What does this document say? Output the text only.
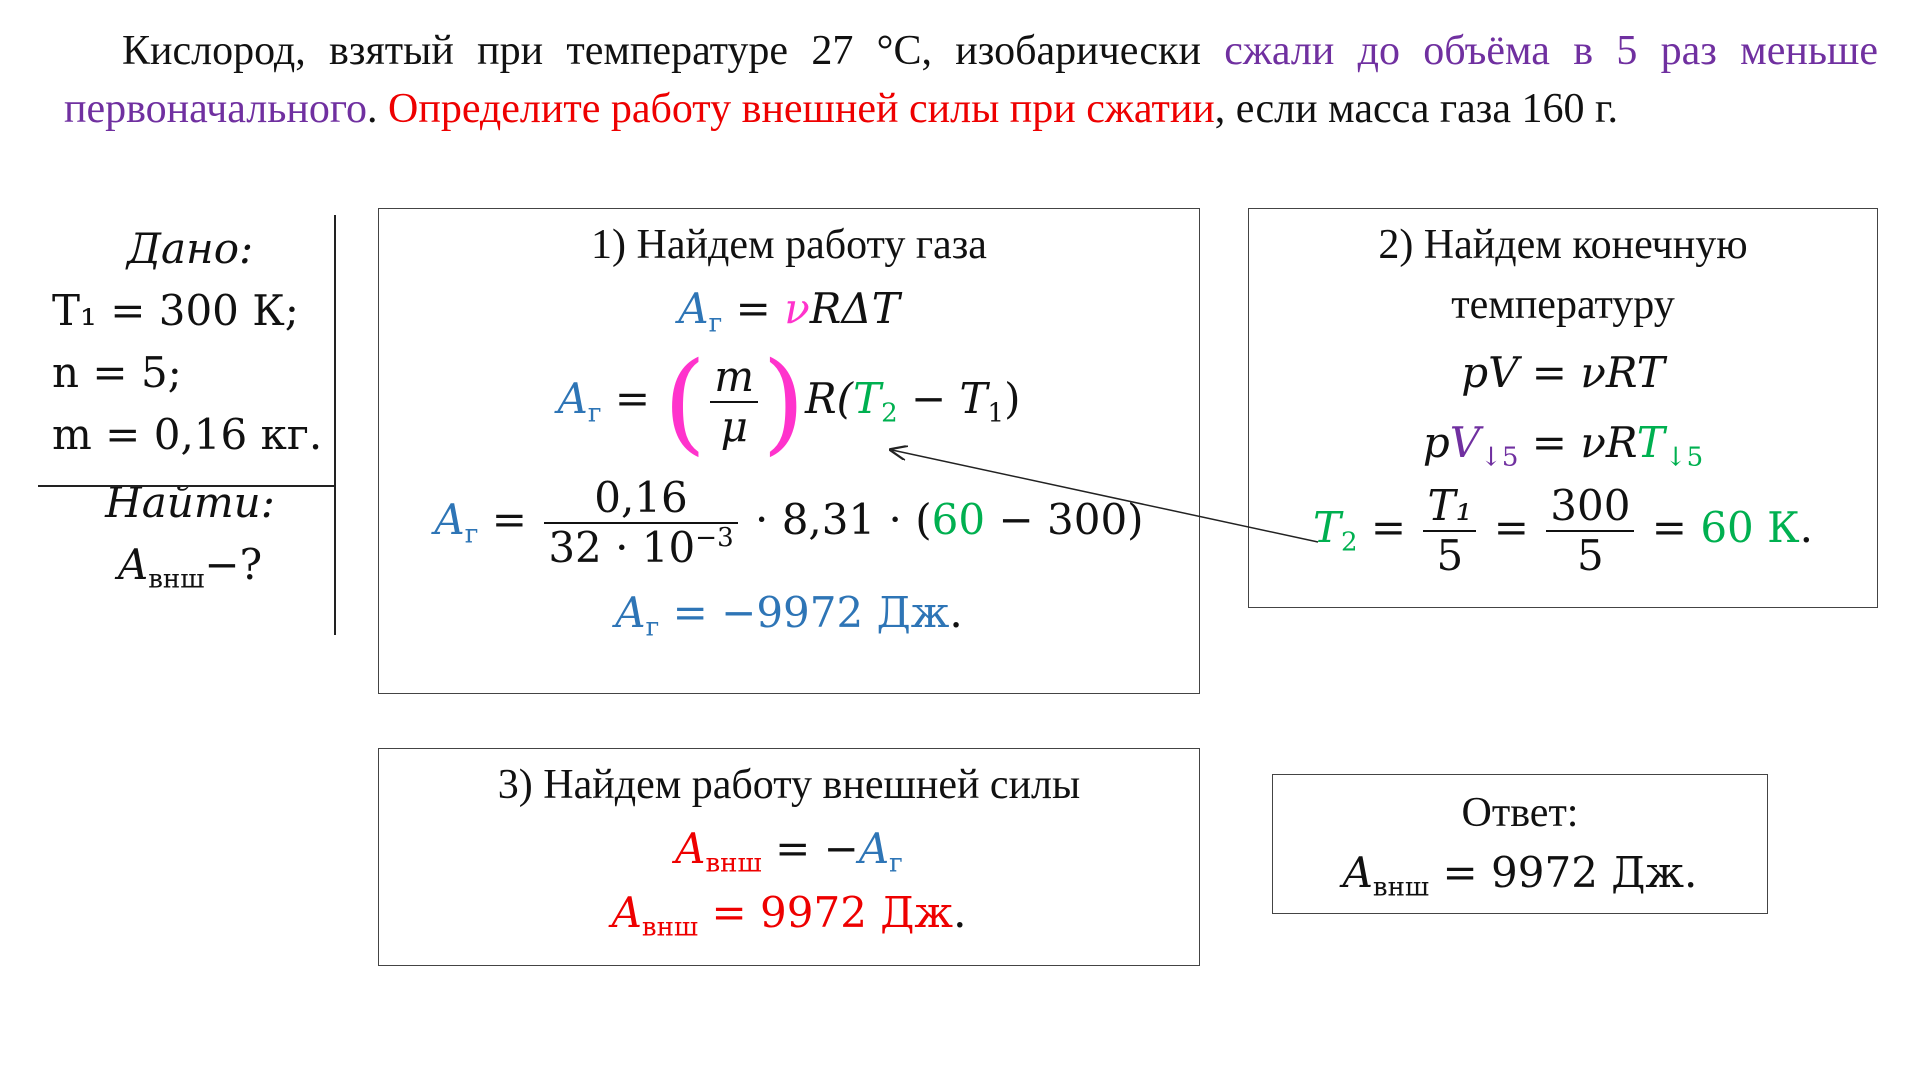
Кислород, взятый при температуре 27 °С, изобарически сжали до объёма в 5 раз меньше первоначального. Определите работу внешней силы при сжатии, если масса газа 160 г.
Дано:
T₁ = 300 К;
n = 5;
m = 0,16 кг.
Найти:
$A_{внш}-$?
1) Найдем работу газа
$A_г = \nu R\Delta T$
$A_г$ = ( $\frac{m}{\mu} )R(T_2 - T_1)$
$A_г = \frac{0,16}{32 \cdot 10^{-3}} \cdot 8,31 \cdot (60 - 300)$
$A_г = -9972$ Дж.
2) Найдем конечную
температуру
pV = νRT
$pV_{↓5} = \nu RT_{↓5}$
$T_2 = \frac{\text{T₁}}{5} = \frac{300}{5} = 60$ К.
3) Найдем работу внешней силы
$A_{внш} = -A_г$
$A_{внш} = 9972$ Дж.
Ответ:
$A_{внш} = 9972$ Дж.
